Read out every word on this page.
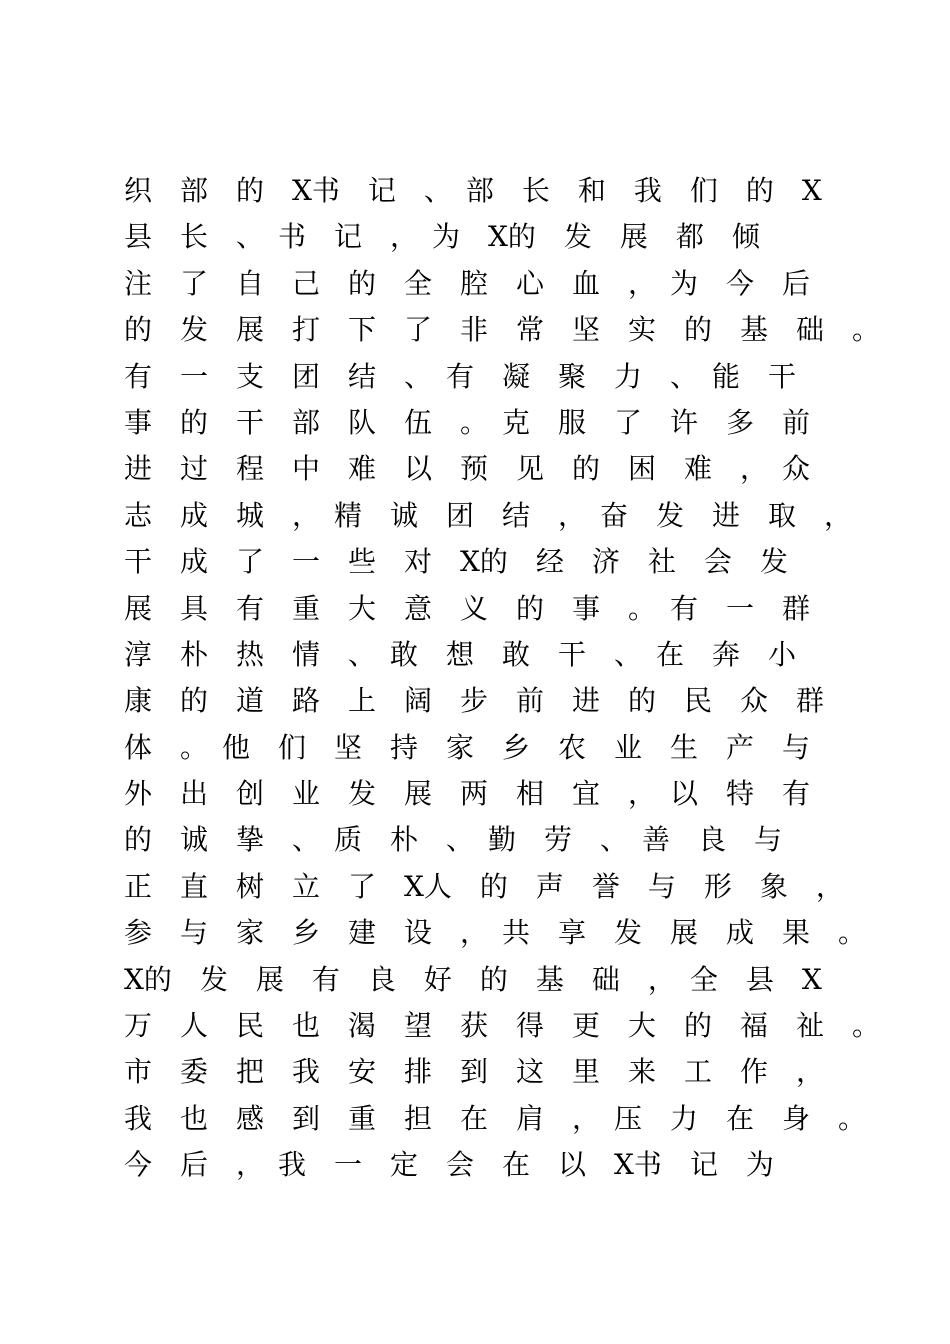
织　部　的　X书　记　、　部　长　和　我　们　的　X
县　长　、　书　记　，　为　X的　发　展　都　倾
注　了　自　己　的　全　腔　心　血　，　为　今　后
的　发　展　打　下　了　非　常　坚　实　的　基　础　。
有　一　支　团　结　、　有　凝　聚　力　、　能　干
事　的　干　部　队　伍　。　克　服　了　许　多　前
进　过　程　中　难　以　预　见　的　困　难　，　众
志　成　城　，　精　诚　团　结　，　奋　发　进　取　，
干　成　了　一　些　对　X的　经　济　社　会　发
展　具　有　重　大　意　义　的　事　。　有　一　群
淳　朴　热　情　、　敢　想　敢　干　、　在　奔　小
康　的　道　路　上　阔　步　前　进　的　民　众　群
体　。　他　们　坚　持　家　乡　农　业　生　产　与
外　出　创　业　发　展　两　相　宜　，　以　特　有
的　诚　挚　、　质　朴　、　勤　劳　、　善　良　与
正　直　树　立　了　X人　的　声　誉　与　形　象　，
参　与　家　乡　建　设　，　共　享　发　展　成　果　。
X的　发　展　有　良　好　的　基　础　，　全　县　X
万　人　民　也　渴　望　获　得　更　大　的　福　祉　。
市　委　把　我　安　排　到　这　里　来　工　作　，
我　也　感　到　重　担　在　肩　，　压　力　在　身　。
今　后　，　我　一　定　会　在　以　X书　记　为
